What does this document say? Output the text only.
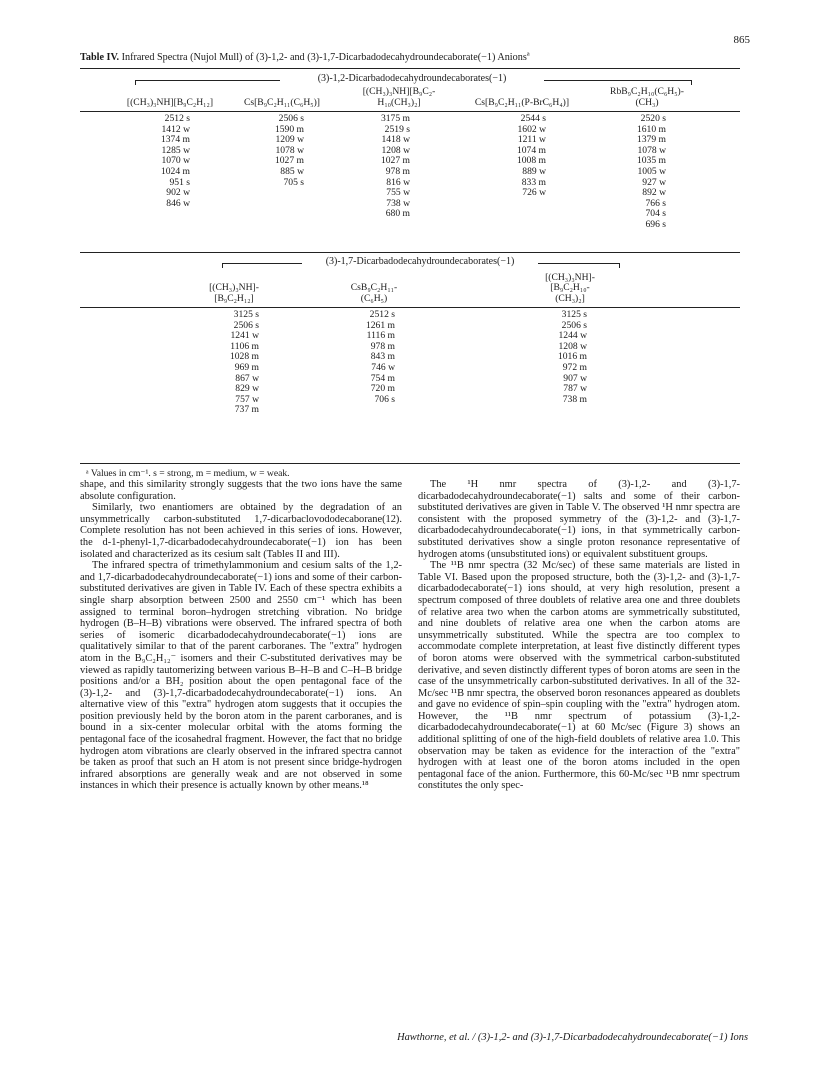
865
Table IV. Infrared Spectra (Nujol Mull) of (3)-1,2- and (3)-1,7-Dicarbadodecahydroundecaborate(−1) Anions$^a$
(3)-1,2-Dicarbadodecahydroundecaborates(−1)
[(CH₃)₃NH][B₉C₂H₁₂]	Cs[B₉C₂H₁₁(C₆H₅)]
[(CH₃)₃NH][B₉C₂-
H₁₀(CH₃)₂]	Cs[B₉C₂H₁₁(P-BrC₆H₄)]
RbB₉C₂H₁₀(C₆H₅)-
(CH₃)
2512 s
1412 w
1374 m
1285 w
1070 w
1024 m
951 s
902 w
846 w
2506 s
1590 m
1209 w
1078 w
1027 m
885 w
705 s
3175 m
2519 s
1418 w
1208 w
1027 m
978 m
816 w
755 w
738 w
680 m
2544 s
1602 w
1211 w
1074 m
1008 m
889 w
833 m
726 w
2520 s
1610 m
1379 m
1078 w
1035 m
1005 w
927 w
892 w
766 s
704 s
696 s
(3)-1,7-Dicarbadodecahydroundecaborates(−1)
[(CH₃)₃NH]-
[B₉C₂H₁₂]
CsB₉C₂H₁₁-
(C₆H₅)
[(CH₃)₃NH]-
[B₉C₂H₁₀-
(CH₃)₂]
3125 s
2506 s
1241 w
1106 m
1028 m
969 m
867 w
829 w
757 w
737 m
2512 s
1261 m
1116 m
978 m
843 m
746 w
754 m
720 m
706 s
3125 s
2506 s
1244 w
1208 w
1016 m
972 m
907 w
787 w
738 m
ᵃ Values in cm⁻¹. s = strong, m = medium, w = weak.

shape, and this similarity strongly suggests that the two ions have the same absolute configuration.

Similarly, two enantiomers are obtained by the degradation of an unsymmetrically carbon-substituted 1,7-dicarbaclovododecaborane(12). Complete resolution has not been achieved in this series of ions. However, the d-1-phenyl-1,7-dicarbadodecahydroundecaborate(−1) ion has been isolated and characterized as its cesium salt (Tables II and III).

The infrared spectra of trimethylammonium and cesium salts of the 1,2- and 1,7-dicarbadodecahydroundecaborate(−1) ions and some of their carbon-substituted derivatives are given in Table IV. Each of these spectra exhibits a single sharp absorption between 2500 and 2550 cm⁻¹ which has been assigned to terminal boron–hydrogen stretching vibration. No bridge hydrogen (B–H–B) vibrations were observed. The infrared spectra of both series of isomeric dicarbadodecahydroundecaborate(−1) ions are qualitatively similar to that of the parent carboranes. The "extra" hydrogen atom in the B₉C₂H₁₂⁻ isomers and their C-substituted derivatives may be viewed as rapidly tautomerizing between various B–H–B and C–H–B bridge positions and/or a BH₂ position about the open pentagonal face of the (3)-1,2- and (3)-1,7-dicarbadodecahydroundecaborate(−1) ions. An alternative view of this "extra" hydrogen atom suggests that it occupies the position previously held by the boron atom in the parent carboranes, and is bound in a six-center molecular orbital with the atoms forming the pentagonal face of the icosahedral fragment. However, the fact that no bridge hydrogen atom vibrations are clearly observed in the infrared spectra cannot be taken as proof that such an H atom is not present since bridge-hydrogen infrared absorptions are generally weak and are not observed in some instances in which their presence is actually known by other means.¹⁸

The ¹H nmr spectra of (3)-1,2- and (3)-1,7-dicarbadodecahydroundecaborate(−1) salts and some of their carbon-substituted derivatives are given in Table V. The observed ¹H nmr spectra are consistent with the proposed symmetry of the (3)-1,2- and (3)-1,7-dicarbadodecahydroundecaborate(−1) ions, in that symmetrically carbon-substituted derivatives show a single proton resonance representative of hydrogen atoms (unsubstituted ions) or equivalent substituent groups.

The ¹¹B nmr spectra (32 Mc/sec) of these same materials are listed in Table VI. Based upon the proposed structure, both the (3)-1,2- and (3)-1,7-dicarbadodecaborate(−1) ions should, at very high resolution, present a spectrum composed of three doublets of relative area one and three doublets of relative area two when the carbon atoms are symmetrically substituted, and nine doublets of relative area one when the carbon atoms are unsymmetrically substituted. While the spectra are too complex to accommodate complete interpretation, at least five distinctly different types of boron atoms were observed with the symmetrical carbon-substituted derivative, and seven distinctly different types of boron atoms are seen in the case of the unsymmetrically carbon-substituted derivatives. In all of the 32-Mc/sec ¹¹B nmr spectra, the observed boron resonances appeared as doublets and gave no evidence of spin–spin coupling with the "extra" hydrogen atom. However, the ¹¹B nmr spectrum of potassium (3)-1,2-dicarbadodecahydroundecaborate(−1) at 60 Mc/sec (Figure 3) shows an additional splitting of one of the high-field doublets of relative area 1.0. This observation may be taken as evidence for the interaction of the "extra" hydrogen with at least one of the boron atoms included in the open pentagonal face of the anion. Furthermore, this 60-Mc/sec ¹¹B nmr spectrum constitutes the only spec-

Hawthorne, et al. / (3)-1,2- and (3)-1,7-Dicarbadodecahydroundecaborate(−1) Ions
